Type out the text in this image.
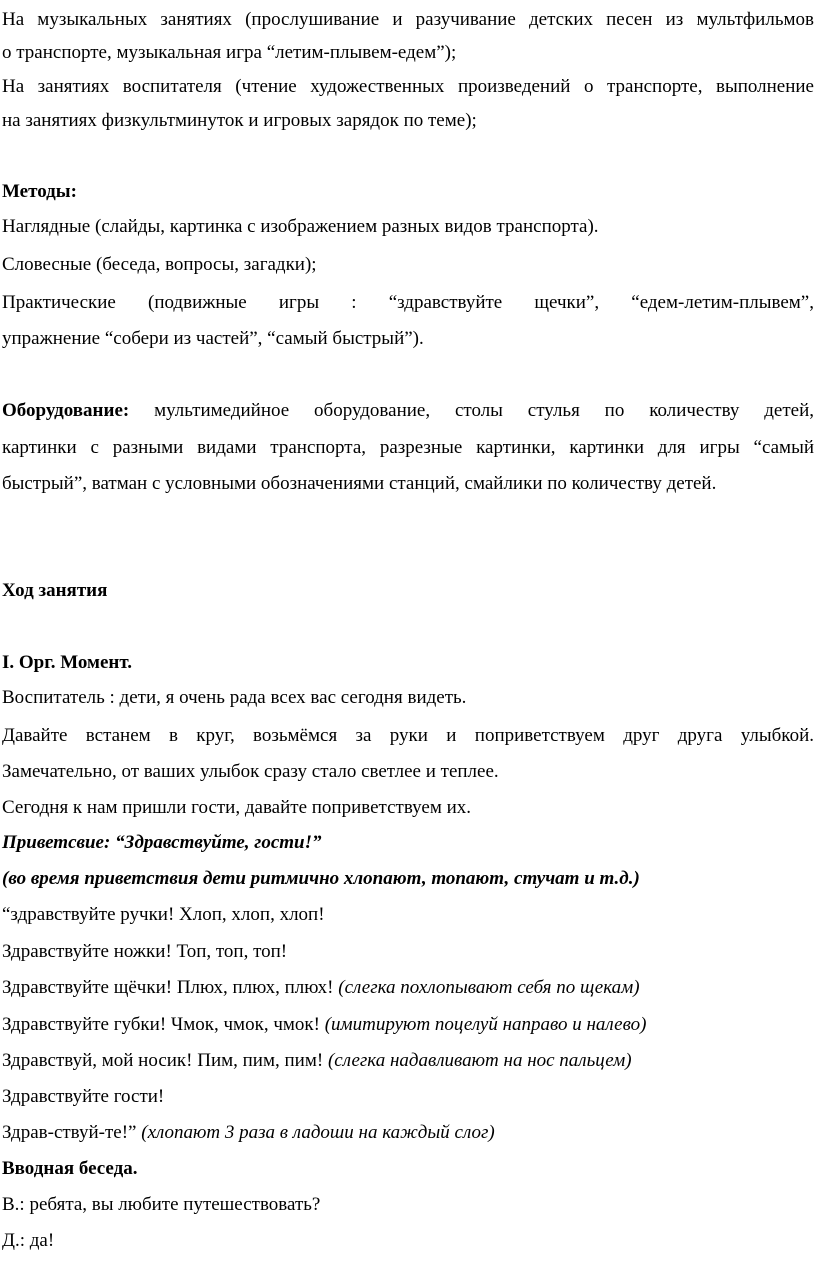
На музыкальных занятиях (прослушивание и разучивание детских песен из мультфильмов
о транспорте, музыкальная игра “летим-плывем-едем”);
На занятиях воспитателя (чтение художественных произведений о транспорте, выполнение
на занятиях физкультминуток и игровых зарядок по теме);
Методы:
Наглядные (слайды, картинка с изображением разных видов транспорта).
Словесные (беседа, вопросы, загадки);
Практические (подвижные игры : “здравствуйте щечки”, “едем-летим-плывем”,
упражнение “собери из частей”, “самый быстрый”).
Оборудование: мультимедийное оборудование, столы стулья по количеству детей,
картинки с разными видами транспорта, разрезные картинки, картинки для игры “самый
быстрый”, ватман с условными обозначениями станций, смайлики по количеству детей.
Ход занятия
I. Орг. Момент.
Воспитатель : дети, я очень рада всех вас сегодня видеть.
Давайте встанем в круг, возьмёмся за руки и поприветствуем друг друга улыбкой.
Замечательно, от ваших улыбок сразу стало светлее и теплее.
Сегодня к нам пришли гости, давайте поприветствуем их.
Приветсвие: “Здравствуйте, гости!”
(во время приветствия дети ритмично хлопают, топают, стучат и т.д.)
“здравствуйте ручки! Хлоп, хлоп, хлоп!
Здравствуйте ножки! Топ, топ, топ!
Здравствуйте щёчки! Плюх, плюх, плюх! (слегка похлопывают себя по щекам)
Здравствуйте губки! Чмок, чмок, чмок! (имитируют поцелуй направо и налево)
Здравствуй, мой носик! Пим, пим, пим! (слегка надавливают на нос пальцем)
Здравствуйте гости!
Здрав-ствуй-те!” (хлопают 3 раза в ладоши на каждый слог)
Вводная беседа.
В.: ребята, вы любите путешествовать?
Д.: да!
